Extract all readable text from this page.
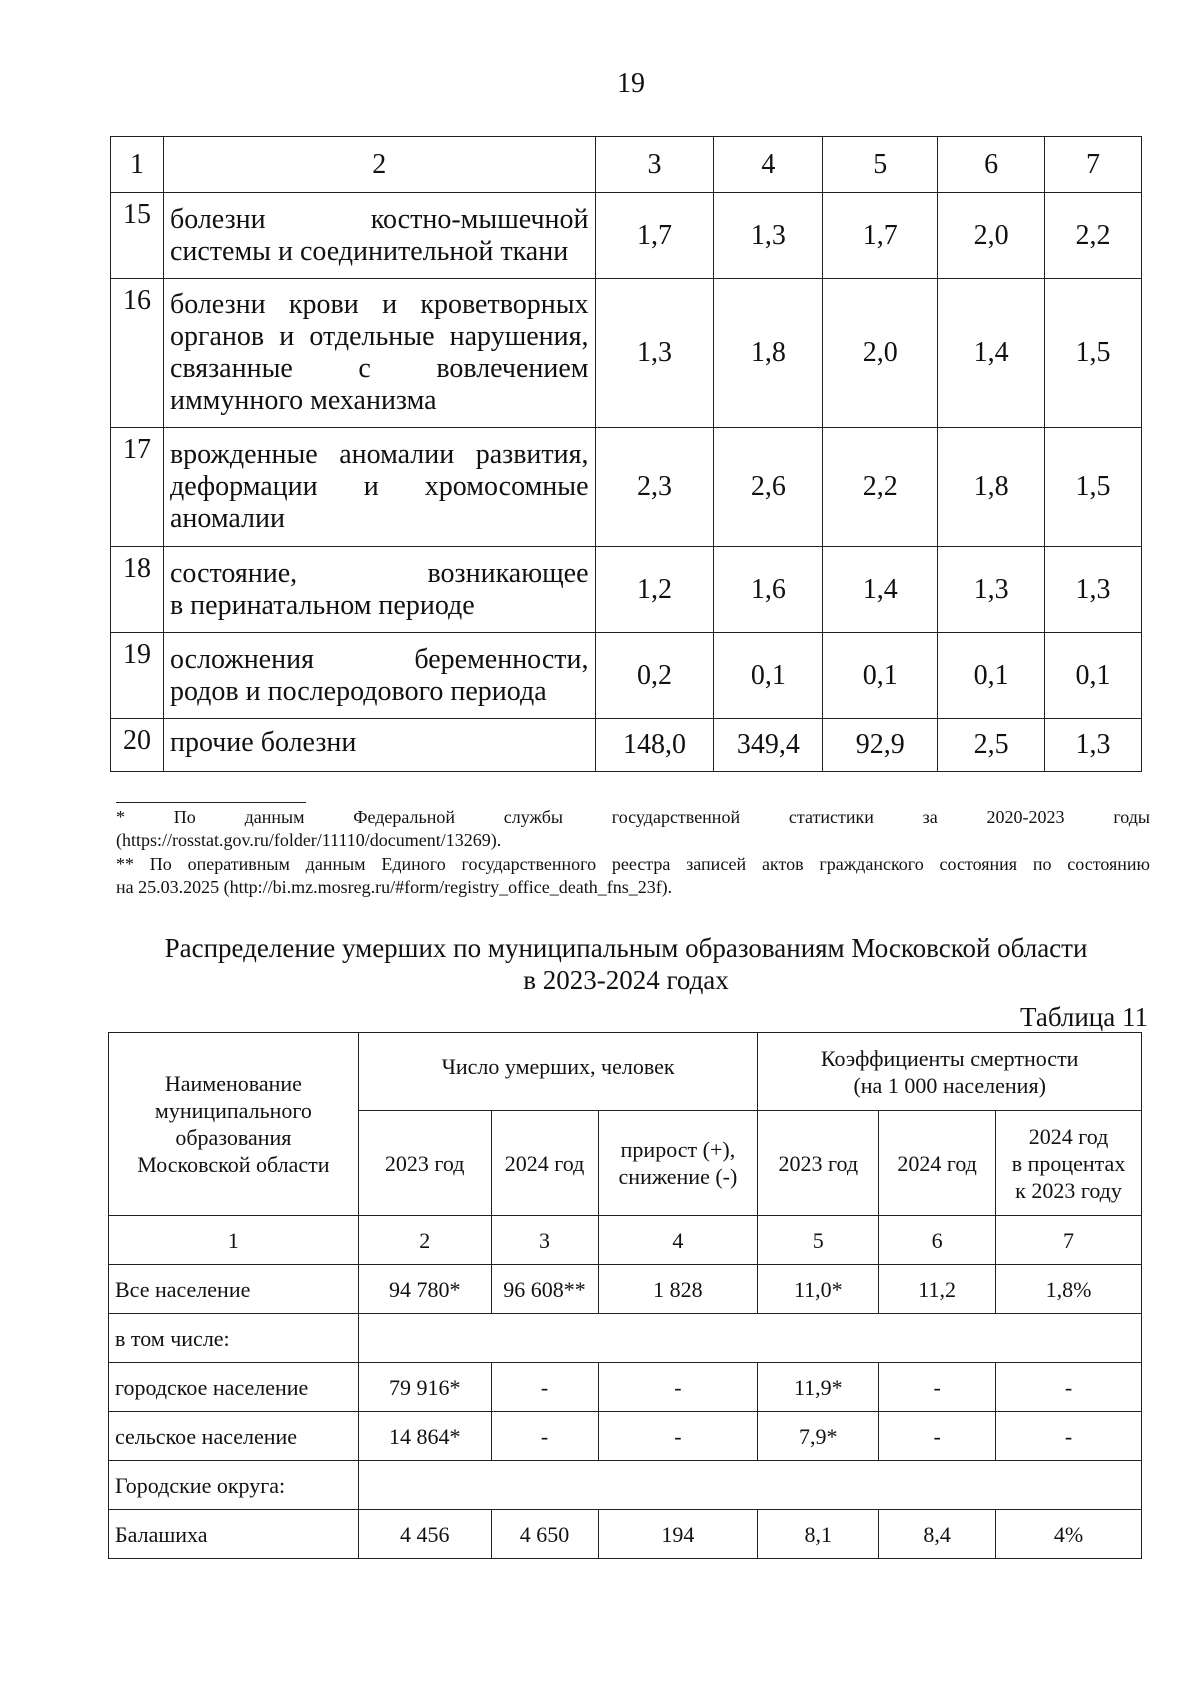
19
1	2	3	4	5	6	7
15	болезни костно-мышечной
системы и соединительной ткани	1,7	1,3	1,7	2,0	2,2
16	болезни крови и кроветворных
органов и отдельные нарушения,
связанные с вовлечением
иммунного механизма	1,3	1,8	2,0	1,4	1,5
17	врожденные аномалии развития,
деформации и хромосомные
аномалии	2,3	2,6	2,2	1,8	1,5
18	состояние, возникающее
в перинатальном периоде	1,2	1,6	1,4	1,3	1,3
19	осложнения беременности,
родов и послеродового периода	0,2	0,1	0,1	0,1	0,1
20	прочие болезни	148,0	349,4	92,9	2,5	1,3
* По данным Федеральной службы государственной статистики за 2020-2023 годы
(https://rosstat.gov.ru/folder/11110/document/13269).
** По оперативным данным Единого государственного реестра записей актов гражданского состояния по состоянию
на 25.03.2025 (http://bi.mz.mosreg.ru/#form/registry_office_death_fns_23f).
Распределение умерших по муниципальным образованиям Московской области
в 2023-2024 годах
Таблица 11
Наименование
муниципального
образования
Московской области	Число умерших, человек			Коэффициенты смертности
(на 1 000 населения)		

	2023 год	2024 год	прирост (+),
снижение (-)	2023 год	2024 год	2024 год
в процентах
к 2023 году

1	2	3	4	5	6	7
Все население	94 780*	96 608**	1 828	11,0*	11,2	1,8%
в том числе:						
городское население	79 916*	-	-	11,9*	-	-
сельское население	14 864*	-	-	7,9*	-	-
Городские округа:						
Балашиха	4 456	4 650	194	8,1	8,4	4%
